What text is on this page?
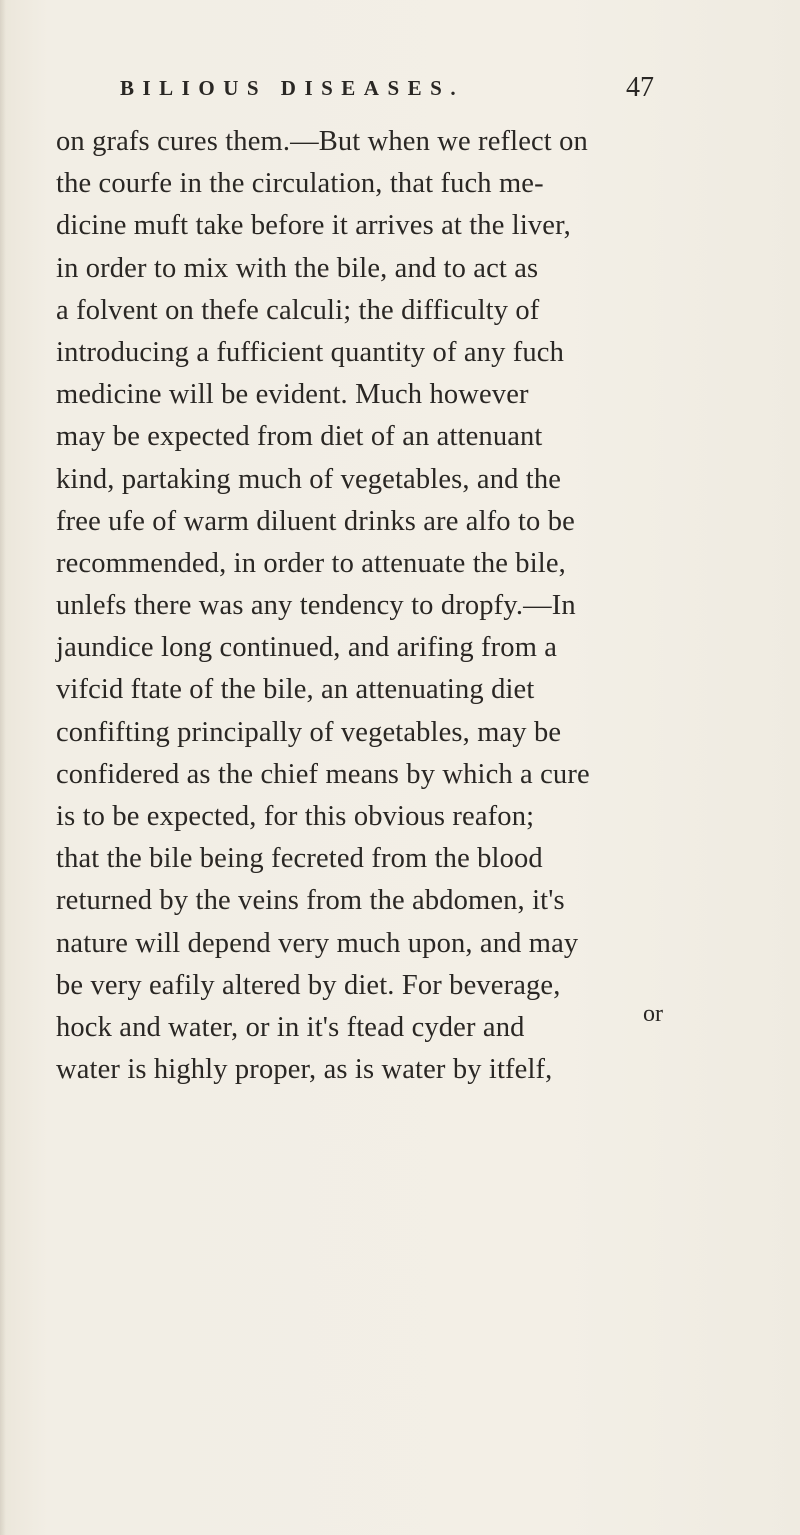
BILIOUS DISEASES.	47
on grafs cures them.—But when we reflect on
the courfe in the circulation, that fuch me-
dicine muft take before it arrives at the liver,
in order to mix with the bile, and to act as
a folvent on thefe calculi; the difficulty of
introducing a fufficient quantity of any fuch
medicine will be evident. Much however
may be expected from diet of an attenuant
kind, partaking much of vegetables, and the
free ufe of warm diluent drinks are alfo to be
recommended, in order to attenuate the bile,
unlefs there was any tendency to dropfy.—In
jaundice long continued, and arifing from a
vifcid ftate of the bile, an attenuating diet
confifting principally of vegetables, may be
confidered as the chief means by which a cure
is to be expected, for this obvious reafon;
that the bile being fecreted from the blood
returned by the veins from the abdomen, it's
nature will depend very much upon, and may
be very eafily altered by diet. For beverage,
hock and water, or in it's ftead cyder and
water is highly proper, as is water by itfelf,
or
